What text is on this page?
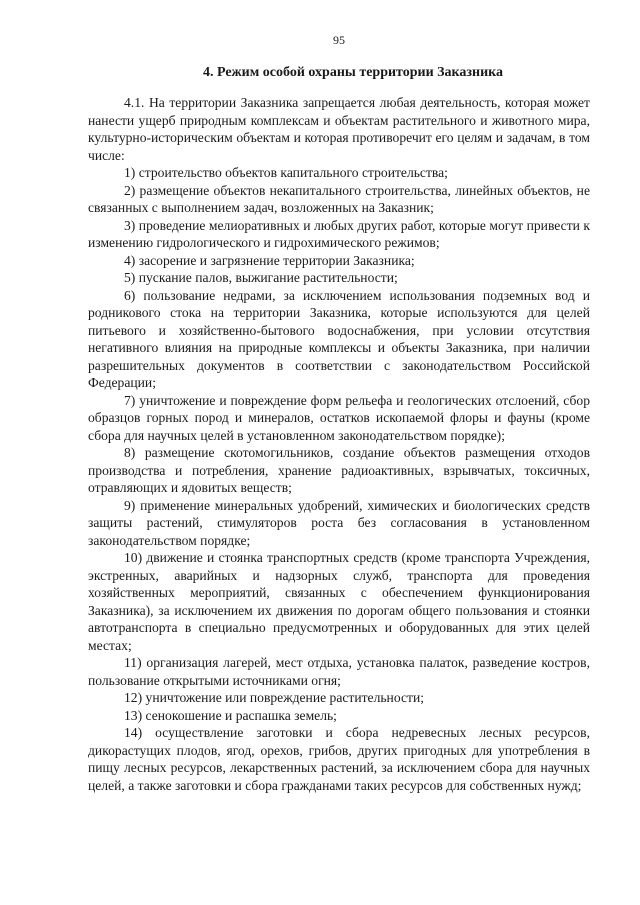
95
4. Режим особой охраны территории Заказника

4.1. На территории Заказника запрещается любая деятельность, которая может нанести ущерб природным комплексам и объектам растительного и животного мира, культурно-историческим объектам и которая противоречит его целям и задачам, в том числе:

1) строительство объектов капитального строительства;

2) размещение объектов некапитального строительства, линейных объектов, не связанных с выполнением задач, возложенных на Заказник;

3) проведение мелиоративных и любых других работ, которые могут привести к изменению гидрологического и гидрохимического режимов;

4) засорение и загрязнение территории Заказника;

5) пускание палов, выжигание растительности;

6) пользование недрами, за исключением использования подземных вод и родникового стока на территории Заказника, которые используются для целей питьевого и хозяйственно-бытового водоснабжения, при условии отсутствия негативного влияния на природные комплексы и объекты Заказника, при наличии разрешительных документов в соответствии с законодательством Российской Федерации;

7) уничтожение и повреждение форм рельефа и геологических отслоений, сбор образцов горных пород и минералов, остатков ископаемой флоры и фауны (кроме сбора для научных целей в установленном законодательством порядке);

8) размещение скотомогильников, создание объектов размещения отходов производства и потребления, хранение радиоактивных, взрывчатых, токсичных, отравляющих и ядовитых веществ;

9) применение минеральных удобрений, химических и биологических средств защиты растений, стимуляторов роста без согласования в установленном законодательством порядке;

10) движение и стоянка транспортных средств (кроме транспорта Учреждения, экстренных, аварийных и надзорных служб, транспорта для проведения хозяйственных мероприятий, связанных с обеспечением функционирования Заказника), за исключением их движения по дорогам общего пользования и стоянки автотранспорта в специально предусмотренных и оборудованных для этих целей местах;

11) организация лагерей, мест отдыха, установка палаток, разведение костров, пользование открытыми источниками огня;

12) уничтожение или повреждение растительности;

13) сенокошение и распашка земель;

14) осуществление заготовки и сбора недревесных лесных ресурсов, дикорастущих плодов, ягод, орехов, грибов, других пригодных для употребления в пищу лесных ресурсов, лекарственных растений, за исключением сбора для научных целей, а также заготовки и сбора гражданами таких ресурсов для собственных нужд;
